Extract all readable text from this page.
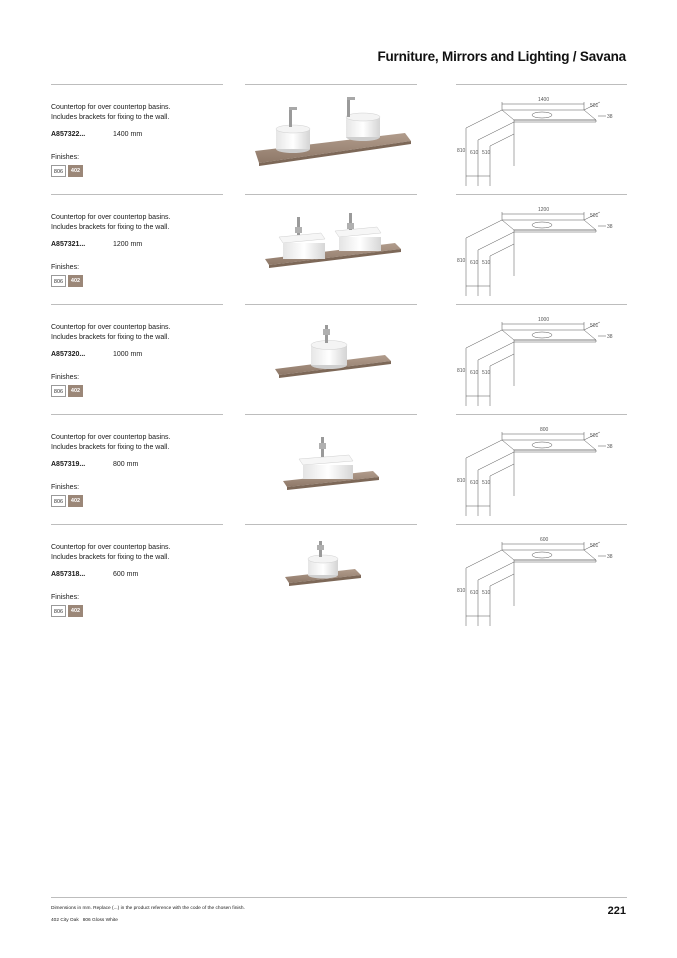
Furniture, Mirrors and Lighting / Savana
Countertop for over countertop basins.
Includes brackets for fixing to the wall.
A857322...	1400 mm
Finishes:
806	402
1400
501
38
810 610 510
Countertop for over countertop basins.
Includes brackets for fixing to the wall.
A857321...	1200 mm
Finishes:
806	402
1200
501
38
810 610 510
Countertop for over countertop basins.
Includes brackets for fixing to the wall.
A857320...	1000 mm
Finishes:
806	402
1000
501
38
810 610 510
Countertop for over countertop basins.
Includes brackets for fixing to the wall.
A857319...	800 mm
Finishes:
806	402
800
501
38
810 610 510
Countertop for over countertop basins.
Includes brackets for fixing to the wall.
A857318...	600 mm
Finishes:
806	402
600
501
38
810 610 510
Dimensions in mm. Replace (...) in the product reference with the code of the chosen finish.
402 City Oak   806 Gloss White
221
